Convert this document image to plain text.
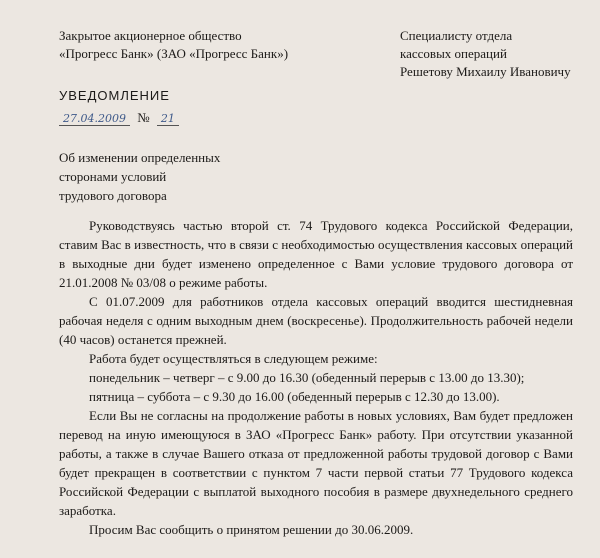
Закрытое акционерное общество
«Прогресс Банк» (ЗАО «Прогресс Банк»)
Специалисту отдела
кассовых операций
Решетову Михаилу Ивановичу
УВЕДОМЛЕНИЕ
27.04.2009 № 21
Об изменении определенных
сторонами условий
трудового договора

Руководствуясь частью второй ст. 74 Трудового кодекса Российской Федерации, ставим Вас в известность, что в связи с необходимостью осуществления кассовых операций в выходные дни будет изменено определенное с Вами условие трудового договора от 21.01.2008 № 03/08 о режиме работы.

С 01.07.2009 для работников отдела кассовых операций вводится шестидневная рабочая неделя с одним выходным днем (воскресенье). Продолжительность рабочей недели (40 часов) останется прежней.

Работа будет осуществляться в следующем режиме:

понедельник – четверг – с 9.00 до 16.30 (обеденный перерыв с 13.00 до 13.30);

пятница – суббота – с 9.30 до 16.00 (обеденный перерыв с 12.30 до 13.00).

Если Вы не согласны на продолжение работы в новых условиях, Вам будет предложен перевод на иную имеющуюся в ЗАО «Прогресс Банк» работу. При отсутствии указанной работы, а также в случае Вашего отказа от предложенной работы трудовой договор с Вами будет прекращен в соответствии с пунктом 7 части первой статьи 77 Трудового кодекса Российской Федерации с выплатой выходного пособия в размере двухнедельного среднего заработка.

Просим Вас сообщить о принятом решении до 30.06.2009.
